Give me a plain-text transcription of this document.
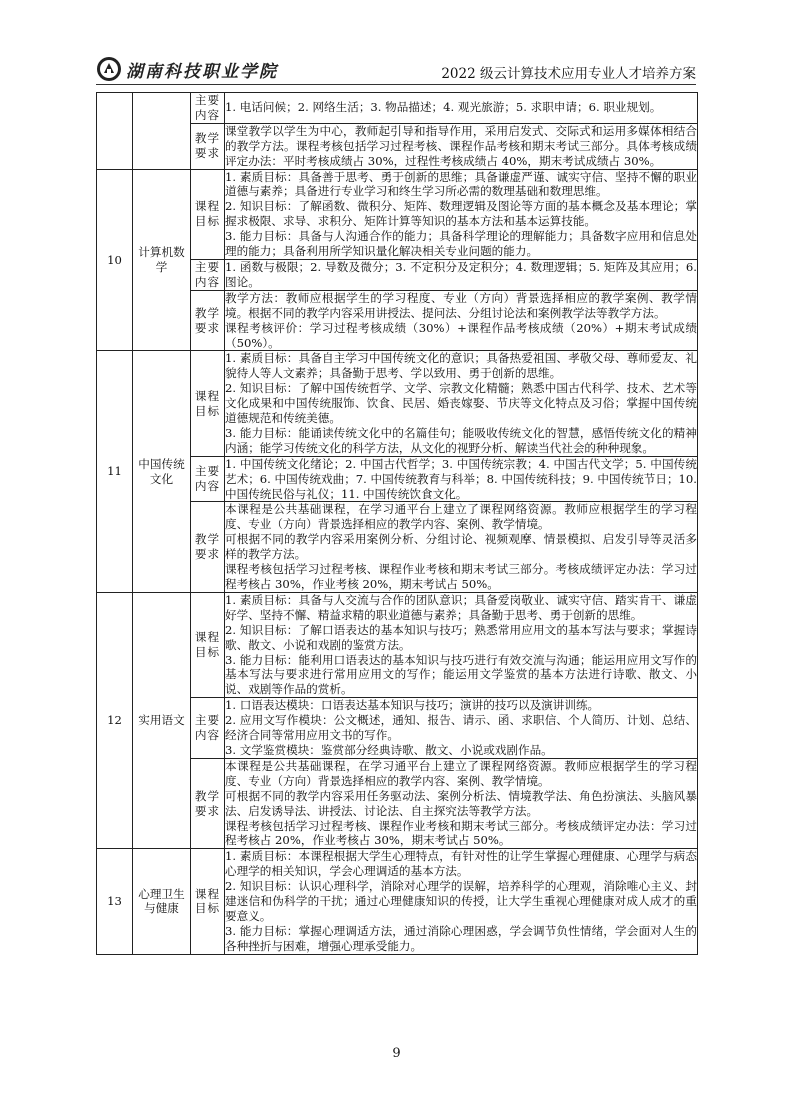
湖南科技职业学院	2022 级云计算技术应用专业人才培养方案

		主要内容	1. 电话问候；2. 网络生活；3. 物品描述；4. 观光旅游；5. 求职申请；6. 职业规划。

		教学要求	课堂教学以学生为中心，教师起引导和指导作用，采用启发式、交际式和运用多媒体相结合的教学方法。课程考核包括学习过程考核、课程作品考核和期末考试三部分。具体考核成绩评定办法：平时考核成绩占 30%，过程性考核成绩占 40%，期末考试成绩占 30%。

10	计算机数学	课程目标	1. 素质目标：具备善于思考、勇于创新的思维；具备谦虚严谨、诚实守信、坚持不懈的职业道德与素养；具备进行专业学习和终生学习所必需的数理基础和数理思维。
2. 知识目标：了解函数、微积分、矩阵、数理逻辑及图论等方面的基本概念及基本理论；掌握求极限、求导、求积分、矩阵计算等知识的基本方法和基本运算技能。
3. 能力目标：具备与人沟通合作的能力；具备科学理论的理解能力；具备数字应用和信息处理的能力；具备利用所学知识量化解决相关专业问题的能力。

		主要内容	1. 函数与极限；2. 导数及微分；3. 不定积分及定积分；4. 数理逻辑；5. 矩阵及其应用；6. 图论。

		教学要求	教学方法：教师应根据学生的学习程度、专业（方向）背景选择相应的教学案例、教学情境。根据不同的教学内容采用讲授法、提问法、分组讨论法和案例教学法等教学方法。
课程考核评价：学习过程考核成绩（30%）+课程作品考核成绩（20%）+期末考试成绩（50%）。

11	中国传统文化	课程目标	1. 素质目标：具备自主学习中国传统文化的意识；具备热爱祖国、孝敬父母、尊师爱友、礼貌待人等人文素养；具备勤于思考、学以致用、勇于创新的思维。
2. 知识目标：了解中国传统哲学、文学、宗教文化精髓；熟悉中国古代科学、技术、艺术等文化成果和中国传统服饰、饮食、民居、婚丧嫁娶、节庆等文化特点及习俗；掌握中国传统道德规范和传统美德。
3. 能力目标：能诵读传统文化中的名篇佳句；能吸收传统文化的智慧，感悟传统文化的精神内涵；能学习传统文化的科学方法，从文化的视野分析、解读当代社会的种种现象。

		主要内容	1. 中国传统文化绪论；2. 中国古代哲学；3. 中国传统宗教；4. 中国古代文学；5. 中国传统艺术；6. 中国传统戏曲；7. 中国传统教育与科举；8. 中国传统科技；9. 中国传统节日；10. 中国传统民俗与礼仪；11. 中国传统饮食文化。

		教学要求	本课程是公共基础课程，在学习通平台上建立了课程网络资源。教师应根据学生的学习程度、专业（方向）背景选择相应的教学内容、案例、教学情境。
可根据不同的教学内容采用案例分析、分组讨论、视频观摩、情景模拟、启发引导等灵活多样的教学方法。
课程考核包括学习过程考核、课程作业考核和期末考试三部分。考核成绩评定办法：学习过程考核占 30%，作业考核 20%，期末考试占 50%。

12	实用语文	课程目标	1. 素质目标：具备与人交流与合作的团队意识；具备爱岗敬业、诚实守信、踏实肯干、谦虚好学、坚持不懈、精益求精的职业道德与素养；具备勤于思考、勇于创新的思维。
2. 知识目标：了解口语表达的基本知识与技巧；熟悉常用应用文的基本写法与要求；掌握诗歌、散文、小说和戏剧的鉴赏方法。
3. 能力目标：能利用口语表达的基本知识与技巧进行有效交流与沟通；能运用应用文写作的基本写法与要求进行常用应用文的写作；能运用文学鉴赏的基本方法进行诗歌、散文、小说、戏剧等作品的赏析。

		主要内容	1. 口语表达模块：口语表达基本知识与技巧；演讲的技巧以及演讲训练。
2. 应用文写作模块：公文概述，通知、报告、请示、函、求职信、个人简历、计划、总结、经济合同等常用应用文书的写作。
3. 文学鉴赏模块：鉴赏部分经典诗歌、散文、小说或戏剧作品。

		教学要求	本课程是公共基础课程，在学习通平台上建立了课程网络资源。教师应根据学生的学习程度、专业（方向）背景选择相应的教学内容、案例、教学情境。
可根据不同的教学内容采用任务驱动法、案例分析法、情境教学法、角色扮演法、头脑风暴法、启发诱导法、讲授法、讨论法、自主探究法等教学方法。
课程考核包括学习过程考核、课程作业考核和期末考试三部分。考核成绩评定办法：学习过程考核占 20%，作业考核占 30%，期末考试占 50%。

13	心理卫生与健康	课程目标	1. 素质目标：本课程根据大学生心理特点，有针对性的让学生掌握心理健康、心理学与病态心理学的相关知识，学会心理调适的基本方法。
2. 知识目标：认识心理科学，消除对心理学的误解，培养科学的心理观，消除唯心主义、封建迷信和伪科学的干扰；通过心理健康知识的传授，让大学生重视心理健康对成人成才的重要意义。
3. 能力目标：掌握心理调适方法，通过消除心理困惑，学会调节负性情绪，学会面对人生的各种挫折与困难，增强心理承受能力。
9
